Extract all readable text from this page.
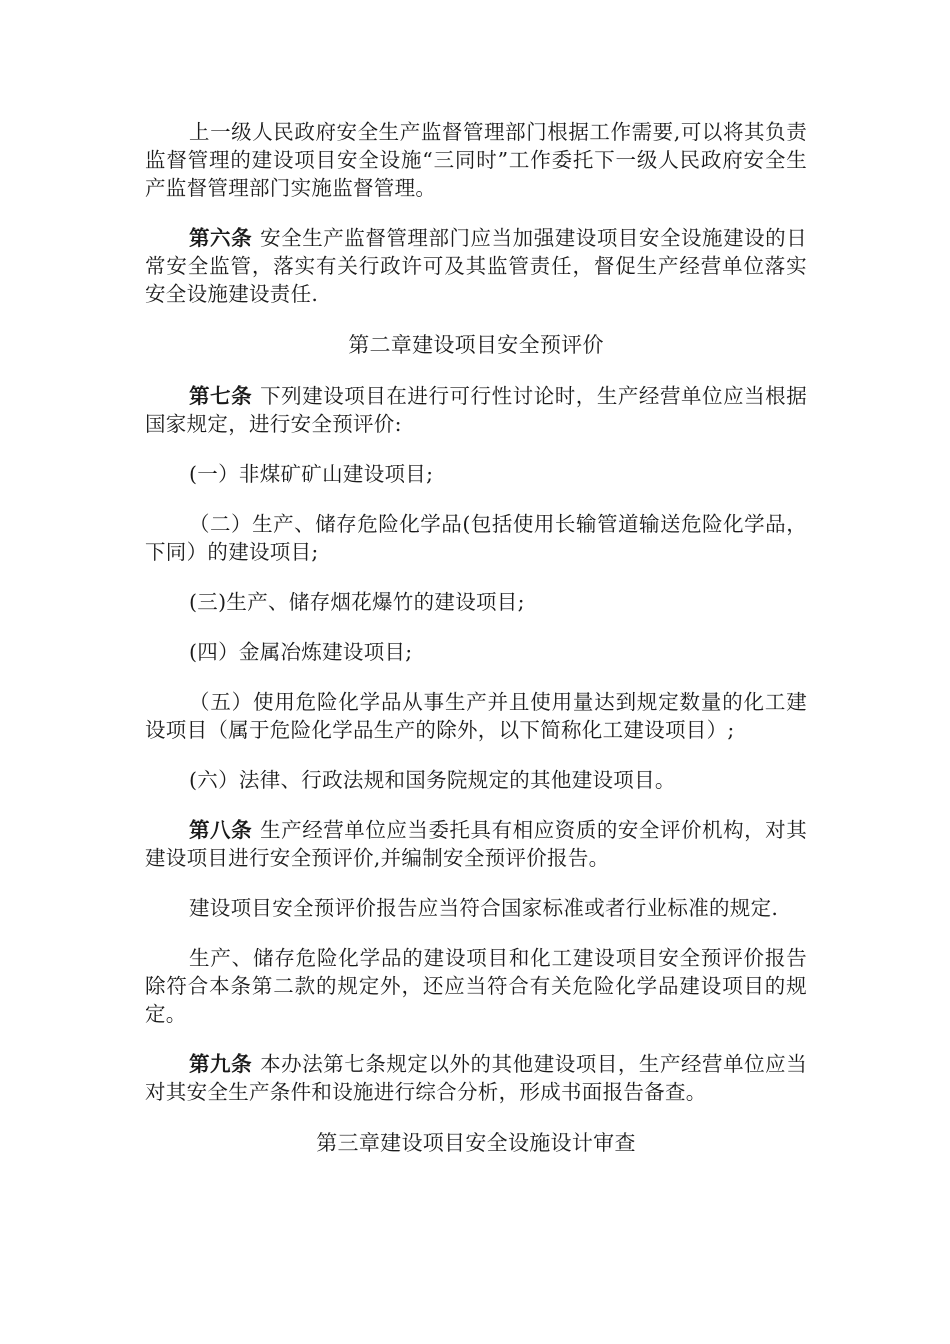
上一级人民政府安全生产监督管理部门根据工作需要,可以将其负责监督管理的建设项目安全设施“三同时”工作委托下一级人民政府安全生产监督管理部门实施监督管理。

第六条 安全生产监督管理部门应当加强建设项目安全设施建设的日常安全监管，落实有关行政许可及其监管责任，督促生产经营单位落实安全设施建设责任.

第二章建设项目安全预评价

第七条 下列建设项目在进行可行性讨论时，生产经营单位应当根据国家规定，进行安全预评价:

(一）非煤矿矿山建设项目;

（二）生产、储存危险化学品(包括使用长输管道输送危险化学品，下同）的建设项目;

(三)生产、储存烟花爆竹的建设项目;

(四）金属冶炼建设项目;

（五）使用危险化学品从事生产并且使用量达到规定数量的化工建设项目（属于危险化学品生产的除外，以下简称化工建设项目）;

(六）法律、行政法规和国务院规定的其他建设项目。

第八条 生产经营单位应当委托具有相应资质的安全评价机构，对其建设项目进行安全预评价,并编制安全预评价报告。

建设项目安全预评价报告应当符合国家标准或者行业标准的规定.

生产、储存危险化学品的建设项目和化工建设项目安全预评价报告除符合本条第二款的规定外，还应当符合有关危险化学品建设项目的规定。

第九条 本办法第七条规定以外的其他建设项目，生产经营单位应当对其安全生产条件和设施进行综合分析，形成书面报告备查。

第三章建设项目安全设施设计审查
